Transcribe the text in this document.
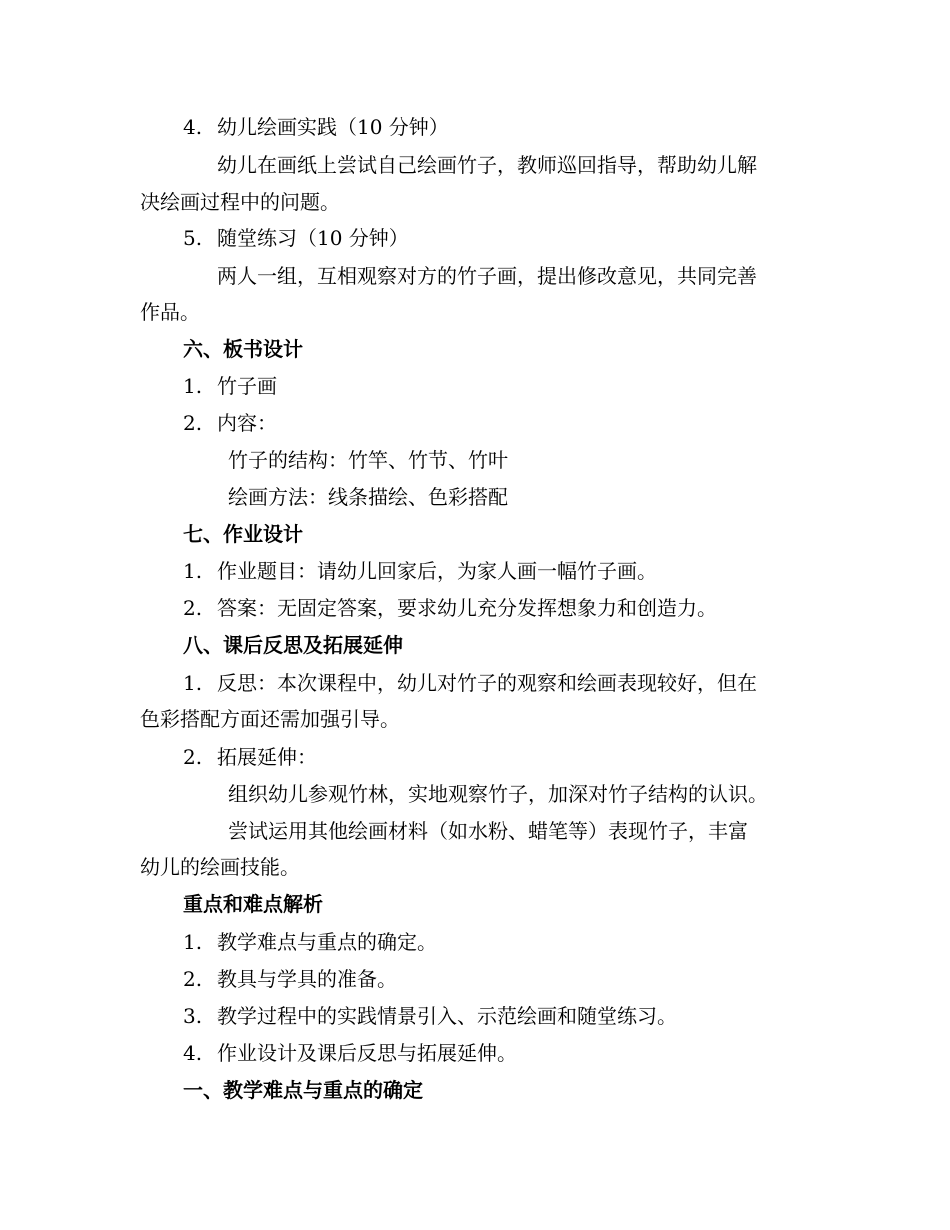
4. 幼儿绘画实践（10 分钟）
幼儿在画纸上尝试自己绘画竹子，教师巡回指导，帮助幼儿解
决绘画过程中的问题。
5. 随堂练习（10 分钟）
两人一组，互相观察对方的竹子画，提出修改意见，共同完善
作品。
六、板书设计
1. 竹子画
2. 内容：
竹子的结构：竹竿、竹节、竹叶
绘画方法：线条描绘、色彩搭配
七、作业设计
1. 作业题目：请幼儿回家后，为家人画一幅竹子画。
2. 答案：无固定答案，要求幼儿充分发挥想象力和创造力。
八、课后反思及拓展延伸
1. 反思：本次课程中，幼儿对竹子的观察和绘画表现较好，但在
色彩搭配方面还需加强引导。
2. 拓展延伸：
组织幼儿参观竹林，实地观察竹子，加深对竹子结构的认识。
尝试运用其他绘画材料（如水粉、蜡笔等）表现竹子，丰富
幼儿的绘画技能。
重点和难点解析
1. 教学难点与重点的确定。
2. 教具与学具的准备。
3. 教学过程中的实践情景引入、示范绘画和随堂练习。
4. 作业设计及课后反思与拓展延伸。
一、教学难点与重点的确定
